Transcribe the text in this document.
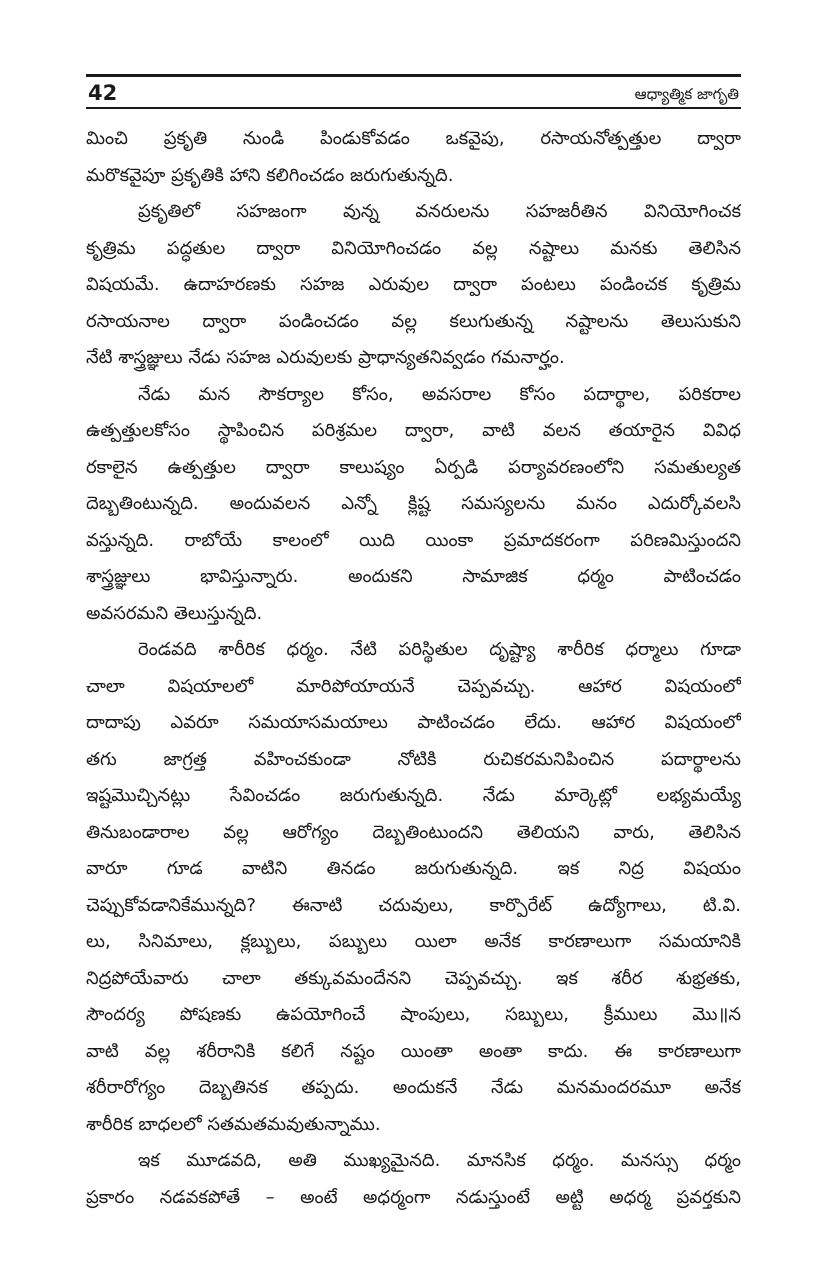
42	ఆధ్యాత్మిక జాగృతి
మించి ప్రకృతి నుండి పిండుకోవడం ఒకవైపు, రసాయనోత్పత్తుల ద్వారా
మరొకవైపూ ప్రకృతికి హాని కలిగించడం జరుగుతున్నది.
ప్రకృతిలో సహజంగా వున్న వనరులను సహజరీతిన వినియోగించక
కృత్రిమ పద్ధతుల ద్వారా వినియోగించడం వల్ల నష్టాలు మనకు తెలిసిన
విషయమే. ఉదాహరణకు సహజ ఎరువుల ద్వారా పంటలు పండించక కృత్రిమ
రసాయనాల ద్వారా పండించడం వల్ల కలుగుతున్న నష్టాలను తెలుసుకుని
నేటి శాస్త్రజ్ఞులు నేడు సహజ ఎరువులకు ప్రాధాన్యతనివ్వడం గమనార్హం.
నేడు మన సౌకర్యాల కోసం, అవసరాల కోసం పదార్థాల, పరికరాల
ఉత్పత్తులకోసం స్థాపించిన పరిశ్రమల ద్వారా, వాటి వలన తయారైన వివిధ
రకాలైన ఉత్పత్తుల ద్వారా కాలుష్యం ఏర్పడి పర్యావరణంలోని సమతుల్యత
దెబ్బతింటున్నది. అందువలన ఎన్నో క్లిష్ట సమస్యలను మనం ఎదుర్కోవలసి
వస్తున్నది. రాబోయే కాలంలో యిది యింకా ప్రమాదకరంగా పరిణమిస్తుందని
శాస్త్రజ్ఞులు భావిస్తున్నారు. అందుకని సామాజిక ధర్మం పాటించడం
అవసరమని తెలుస్తున్నది.
రెండవది శారీరిక ధర్మం. నేటి పరిస్థితుల దృష్ట్యా శారీరిక ధర్మాలు గూడా
చాలా విషయాలలో మారిపోయాయనే చెప్పవచ్చు. ఆహార విషయంలో
దాదాపు ఎవరూ సమయాసమయాలు పాటించడం లేదు. ఆహార విషయంలో
తగు జాగ్రత్త వహించకుండా నోటికి రుచికరమనిపించిన పదార్థాలను
ఇష్టమొచ్చినట్లు సేవించడం జరుగుతున్నది. నేడు మార్కెట్లో లభ్యమయ్యే
తినుబండారాల వల్ల ఆరోగ్యం దెబ్బతింటుందని తెలియని వారు, తెలిసిన
వారూ గూడ వాటిని తినడం జరుగుతున్నది. ఇక నిద్ర విషయం
చెప్పుకోవడానికేమున్నది? ఈనాటి చదువులు, కార్పొరేట్ ఉద్యోగాలు, టి.వి.
లు, సినిమాలు, క్లబ్బులు, పబ్బులు యిలా అనేక కారణాలుగా సమయానికి
నిద్రపోయేవారు చాలా తక్కువమందేనని చెప్పవచ్చు. ఇక శరీర శుభ్రతకు,
సౌందర్య పోషణకు ఉపయోగించే షాంపులు, సబ్బులు, క్రీములు మొ॥న
వాటి వల్ల శరీరానికి కలిగే నష్టం యింతా అంతా కాదు. ఈ కారణాలుగా
శరీరారోగ్యం దెబ్బతినక తప్పదు. అందుకనే నేడు మనమందరమూ అనేక
శారీరిక బాధలలో సతమతమవుతున్నాము.
ఇక మూడవది, అతి ముఖ్యమైనది. మానసిక ధర్మం. మనస్సు ధర్మం
ప్రకారం నడవకపోతే – అంటే అధర్మంగా నడుస్తుంటే అట్టి అధర్మ ప్రవర్తకుని
